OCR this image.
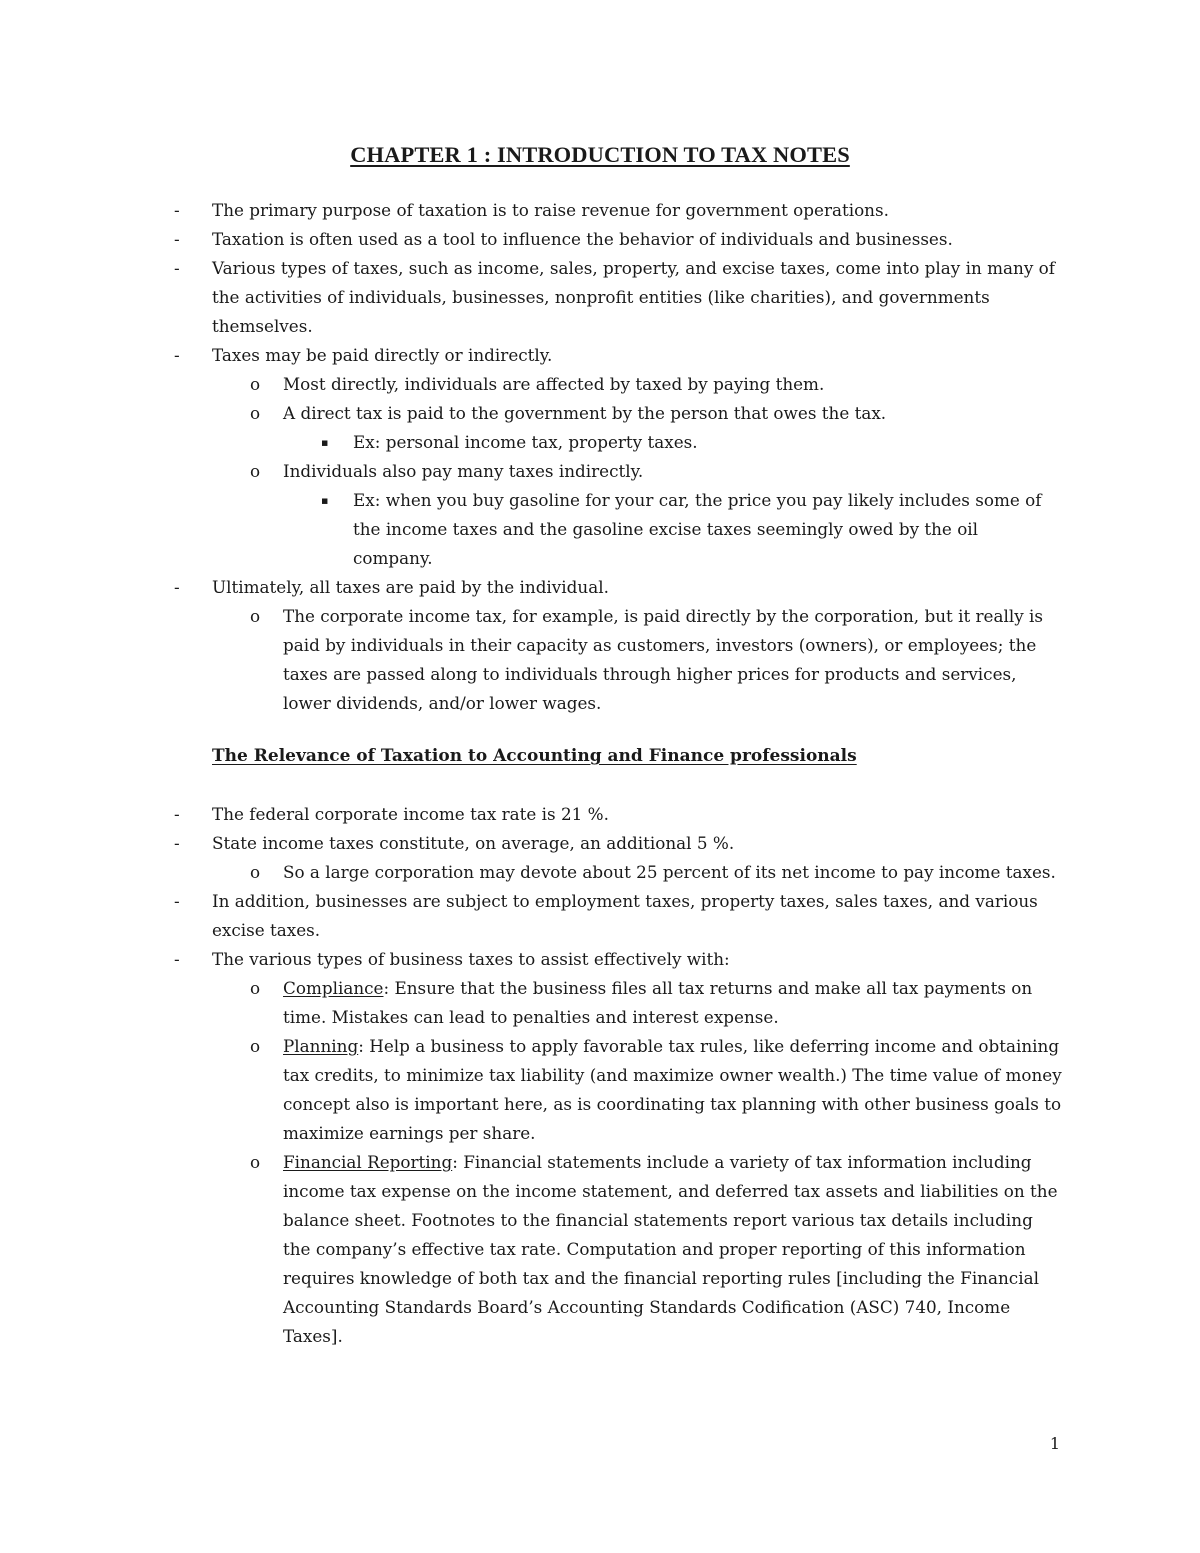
CHAPTER 1 : INTRODUCTION TO TAX NOTES
- The primary purpose of taxation is to raise revenue for government operations.
- Taxation is often used as a tool to influence the behavior of individuals and businesses.
- Various types of taxes, such as income, sales, property, and excise taxes, come into play in many of the activities of individuals, businesses, nonprofit entities (like charities), and governments themselves.
- Taxes may be paid directly or indirectly.
o Most directly, individuals are affected by taxed by paying them.
o A direct tax is paid to the government by the person that owes the tax.
▪ Ex: personal income tax, property taxes.
o Individuals also pay many taxes indirectly.
▪ Ex: when you buy gasoline for your car, the price you pay likely includes some of the income taxes and the gasoline excise taxes seemingly owed by the oil company.
- Ultimately, all taxes are paid by the individual.
o The corporate income tax, for example, is paid directly by the corporation, but it really is paid by individuals in their capacity as customers, investors (owners), or employees; the taxes are passed along to individuals through higher prices for products and services, lower dividends, and/or lower wages.
The Relevance of Taxation to Accounting and Finance professionals
- The federal corporate income tax rate is 21 %.
- State income taxes constitute, on average, an additional 5 %.
o So a large corporation may devote about 25 percent of its net income to pay income taxes.
- In addition, businesses are subject to employment taxes, property taxes, sales taxes, and various excise taxes.
- The various types of business taxes to assist effectively with:
o Compliance: Ensure that the business files all tax returns and make all tax payments on time. Mistakes can lead to penalties and interest expense.
o Planning: Help a business to apply favorable tax rules, like deferring income and obtaining tax credits, to minimize tax liability (and maximize owner wealth.) The time value of money concept also is important here, as is coordinating tax planning with other business goals to maximize earnings per share.
o Financial Reporting: Financial statements include a variety of tax information including income tax expense on the income statement, and deferred tax assets and liabilities on the balance sheet. Footnotes to the financial statements report various tax details including the company’s effective tax rate. Computation and proper reporting of this information requires knowledge of both tax and the financial reporting rules [including the Financial Accounting Standards Board’s Accounting Standards Codification (ASC) 740, Income Taxes].
1
